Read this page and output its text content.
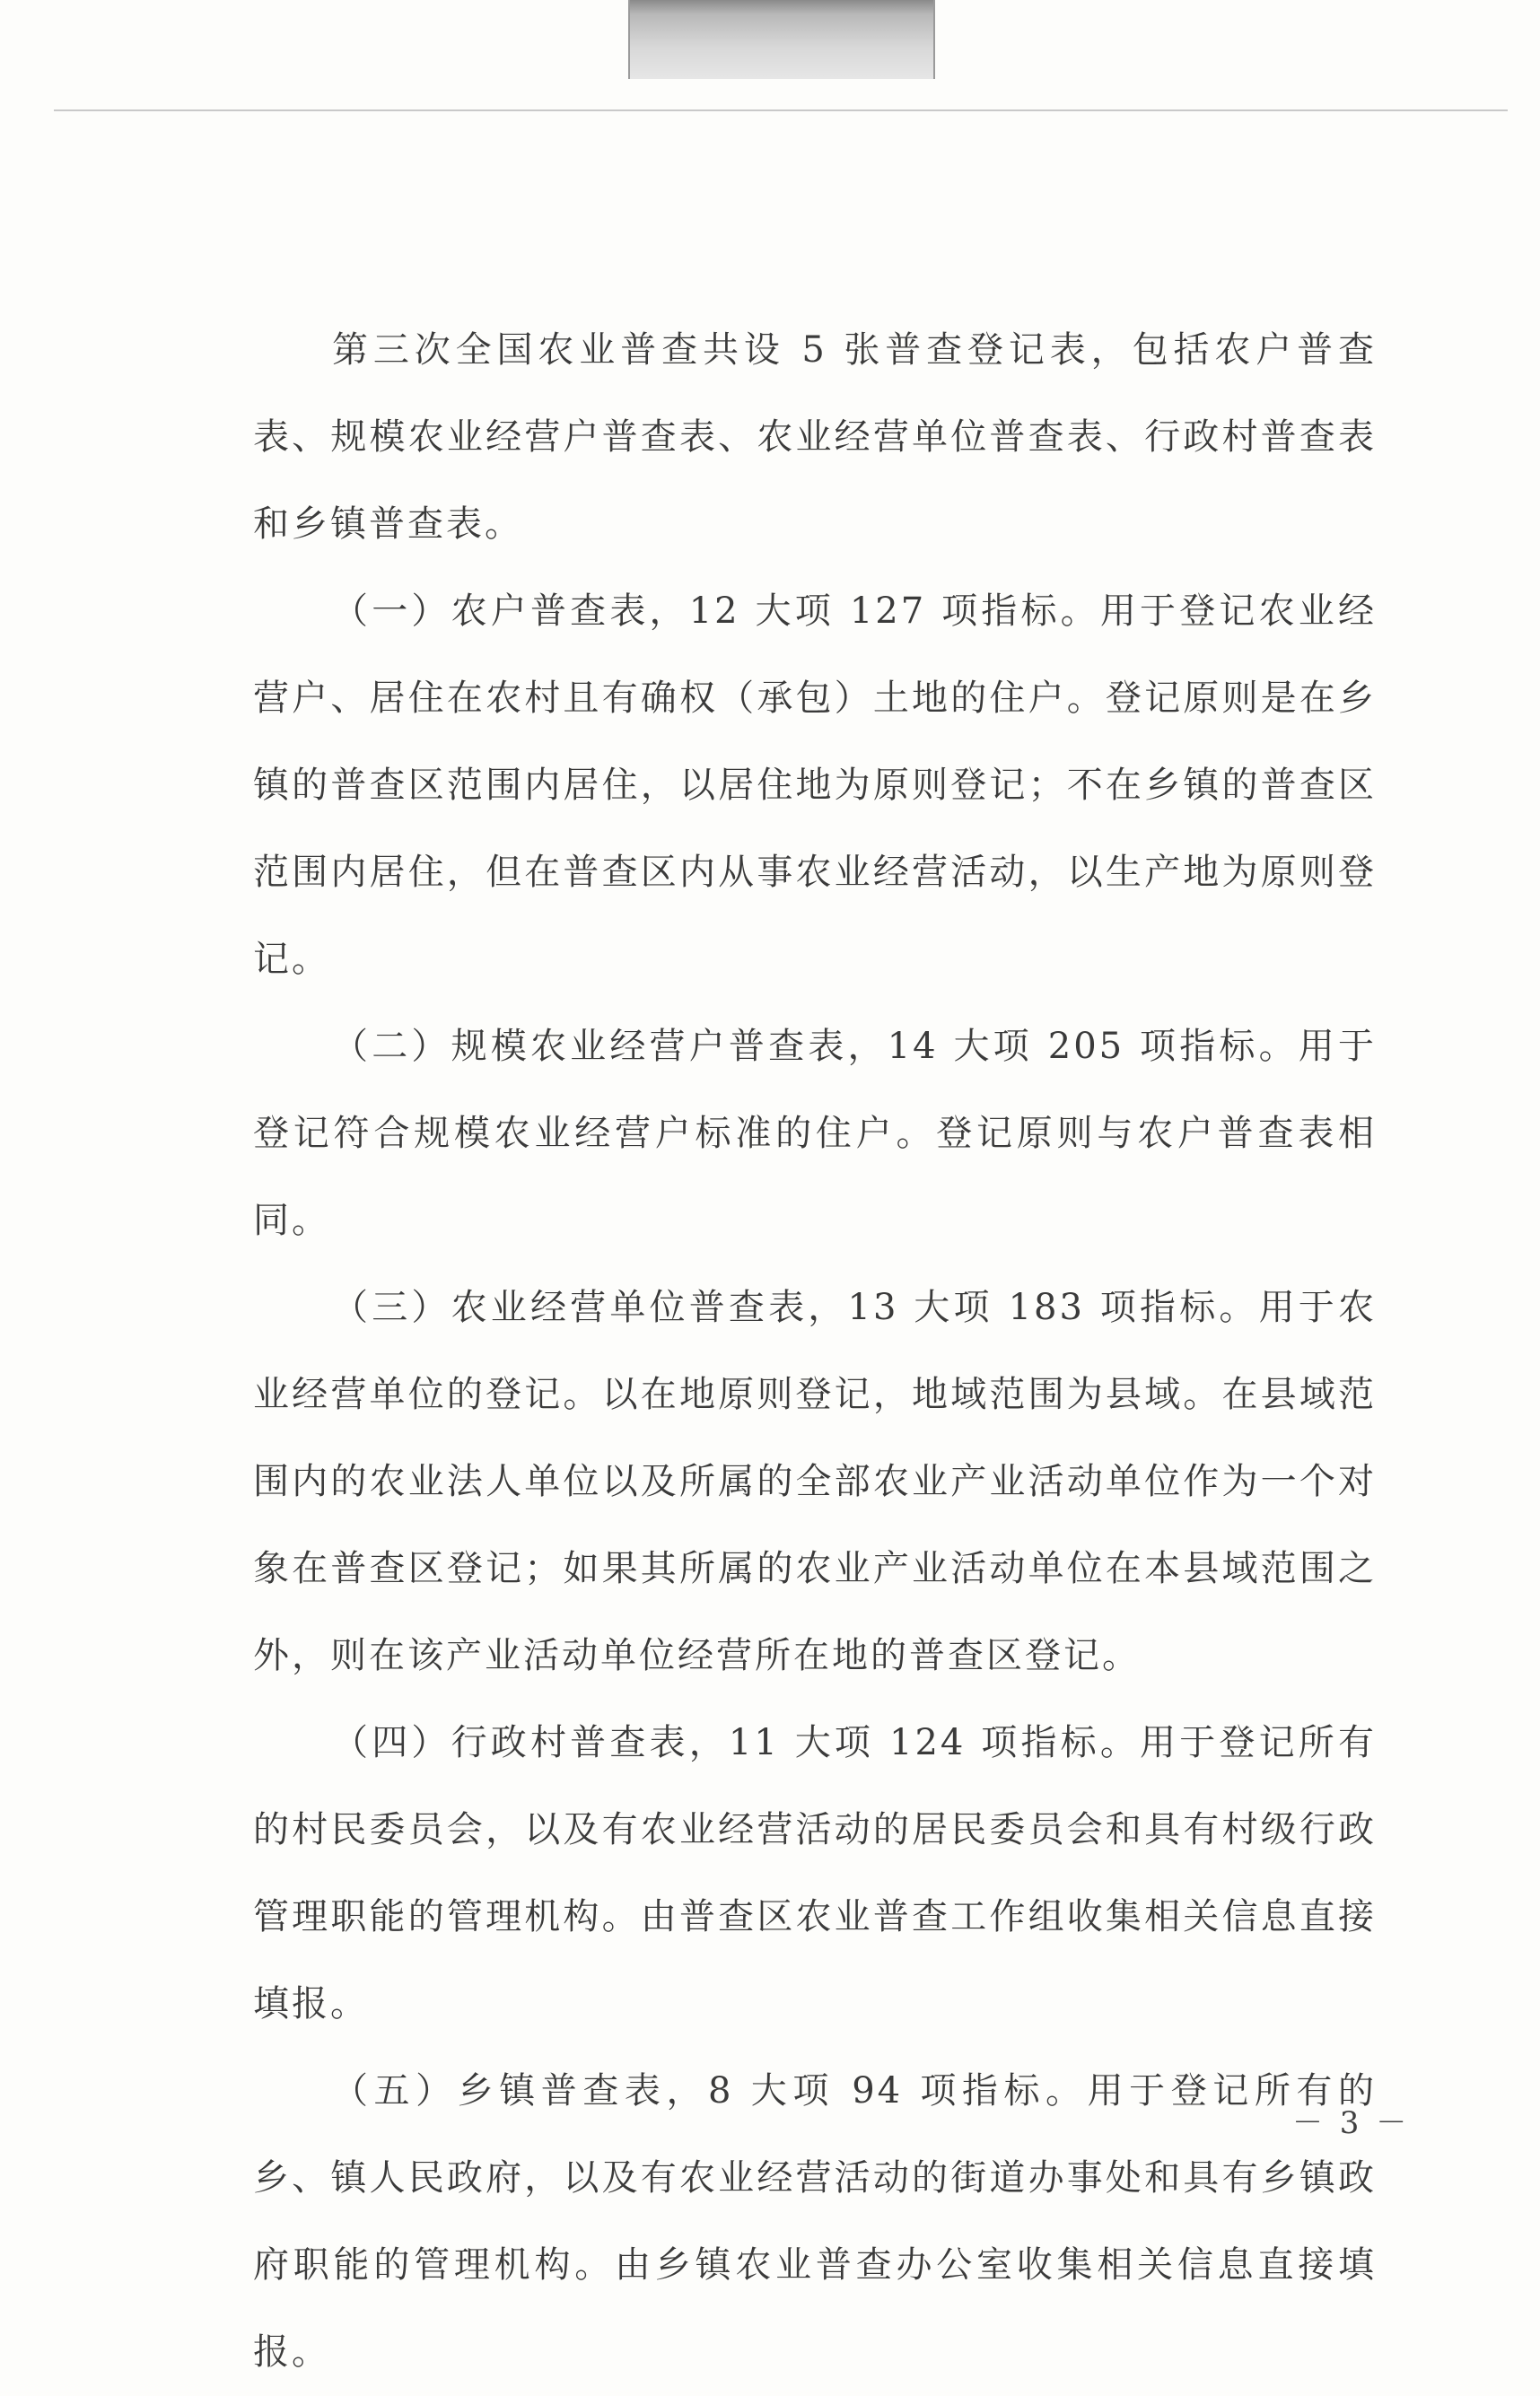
第三次全国农业普查共设 5 张普查登记表，包括农户普查表、规模农业经营户普查表、农业经营单位普查表、行政村普查表和乡镇普查表。

（一）农户普查表，12 大项 127 项指标。用于登记农业经营户、居住在农村且有确权（承包）土地的住户。登记原则是在乡镇的普查区范围内居住，以居住地为原则登记；不在乡镇的普查区范围内居住，但在普查区内从事农业经营活动，以生产地为原则登记。

（二）规模农业经营户普查表，14 大项 205 项指标。用于登记符合规模农业经营户标准的住户。登记原则与农户普查表相同。

（三）农业经营单位普查表，13 大项 183 项指标。用于农业经营单位的登记。以在地原则登记，地域范围为县域。在县域范围内的农业法人单位以及所属的全部农业产业活动单位作为一个对象在普查区登记；如果其所属的农业产业活动单位在本县域范围之外，则在该产业活动单位经营所在地的普查区登记。

（四）行政村普查表，11 大项 124 项指标。用于登记所有的村民委员会，以及有农业经营活动的居民委员会和具有村级行政管理职能的管理机构。由普查区农业普查工作组收集相关信息直接填报。

（五）乡镇普查表，8 大项 94 项指标。用于登记所有的乡、镇人民政府，以及有农业经营活动的街道办事处和具有乡镇政府职能的管理机构。由乡镇农业普查办公室收集相关信息直接填报。

－ 3 －
